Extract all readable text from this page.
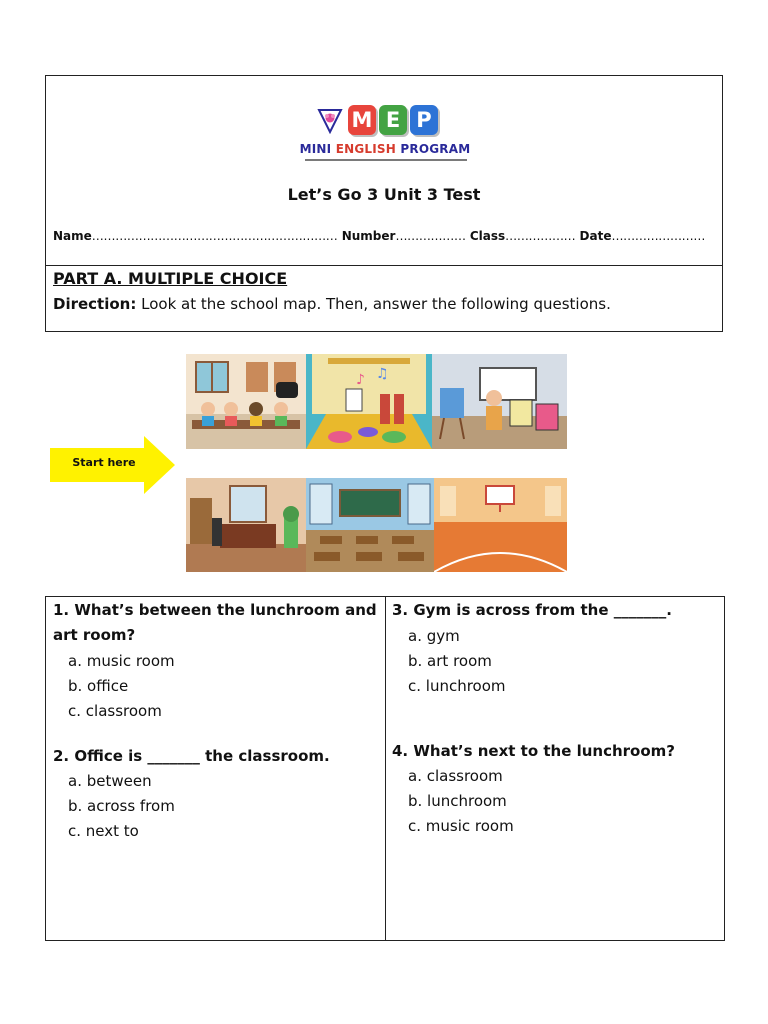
M E P
MINI ENGLISH PROGRAM
Let’s Go 3 Unit 3 Test
Name……………………………………………………… Number……………… Class……………… Date……………………
PART A. MULTIPLE CHOICE
Direction: Look at the school map. Then, answer the following questions.
♪ ♫
Start here
1. What’s between the lunchroom and
art room?
a. music room
b. office
c. classroom
2. Office is _______ the classroom.
a. between
b. across from
c. next to
3. Gym is across from the _______.
a. gym
b. art room
c. lunchroom
4. What’s next to the lunchroom?
a. classroom
b. lunchroom
c. music room
